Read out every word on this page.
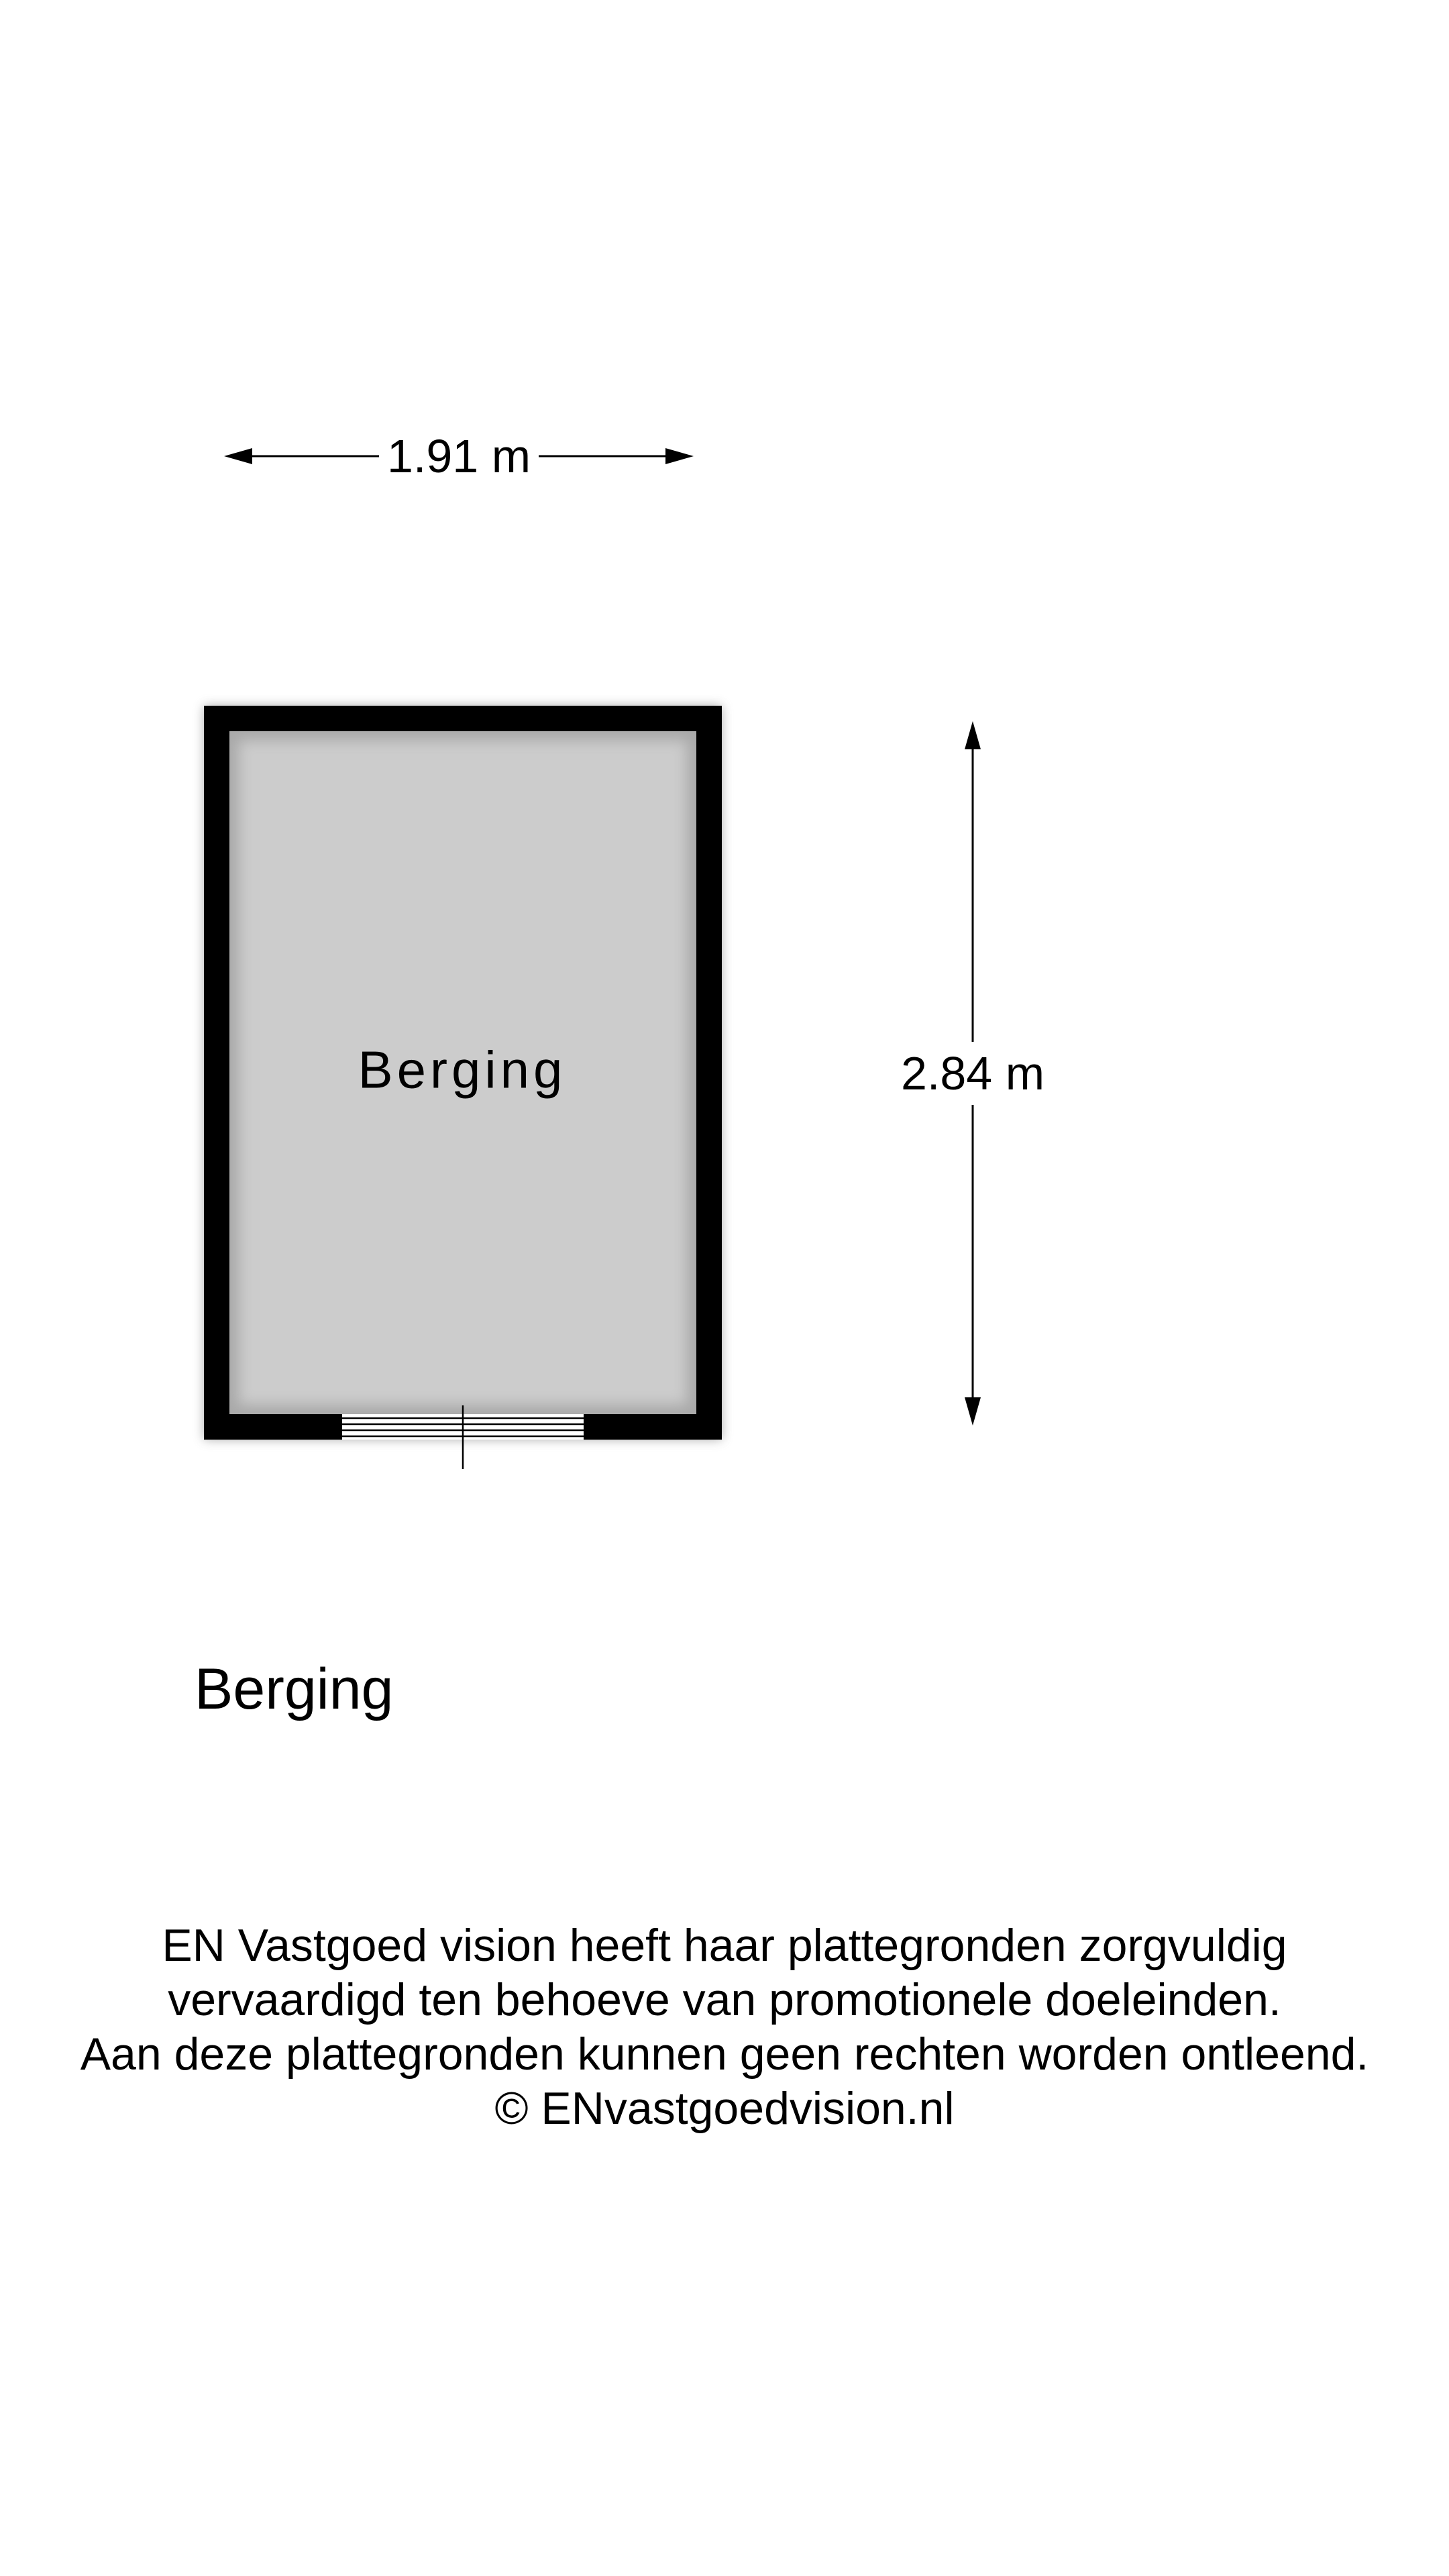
1.91 m
Berging	2.84 m
Berging
EN Vastgoed vision heeft haar plattegronden zorgvuldig
vervaardigd ten behoeve van promotionele doeleinden.
Aan deze plattegronden kunnen geen rechten worden ontleend.
© ENvastgoedvision.nl
